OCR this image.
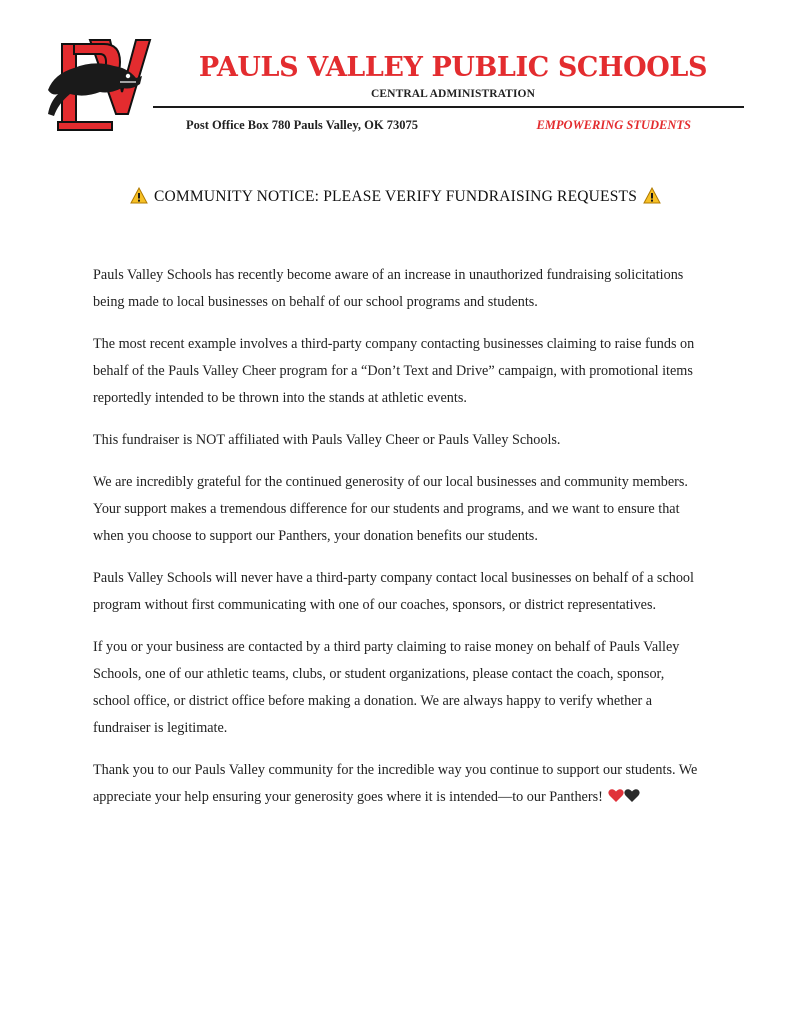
PAULS VALLEY PUBLIC SCHOOLS
CENTRAL ADMINISTRATION
Post Office Box 780 Pauls Valley, OK 73075	EMPOWERING STUDENTS
COMMUNITY NOTICE: PLEASE VERIFY FUNDRAISING REQUESTS

Pauls Valley Schools has recently become aware of an increase in unauthorized fundraising solicitations being made to local businesses on behalf of our school programs and students.

The most recent example involves a third-party company contacting businesses claiming to raise funds on behalf of the Pauls Valley Cheer program for a “Don’t Text and Drive” campaign, with promotional items reportedly intended to be thrown into the stands at athletic events.

This fundraiser is NOT affiliated with Pauls Valley Cheer or Pauls Valley Schools.

We are incredibly grateful for the continued generosity of our local businesses and community members. Your support makes a tremendous difference for our students and programs, and we want to ensure that when you choose to support our Panthers, your donation benefits our students.

Pauls Valley Schools will never have a third-party company contact local businesses on behalf of a school program without first communicating with one of our coaches, sponsors, or district representatives.

If you or your business are contacted by a third party claiming to raise money on behalf of Pauls Valley Schools, one of our athletic teams, clubs, or student organizations, please contact the coach, sponsor, school office, or district office before making a donation. We are always happy to verify whether a fundraiser is legitimate.

Thank you to our Pauls Valley community for the incredible way you continue to support our students. We appreciate your help ensuring your generosity goes where it is intended—to our Panthers!
